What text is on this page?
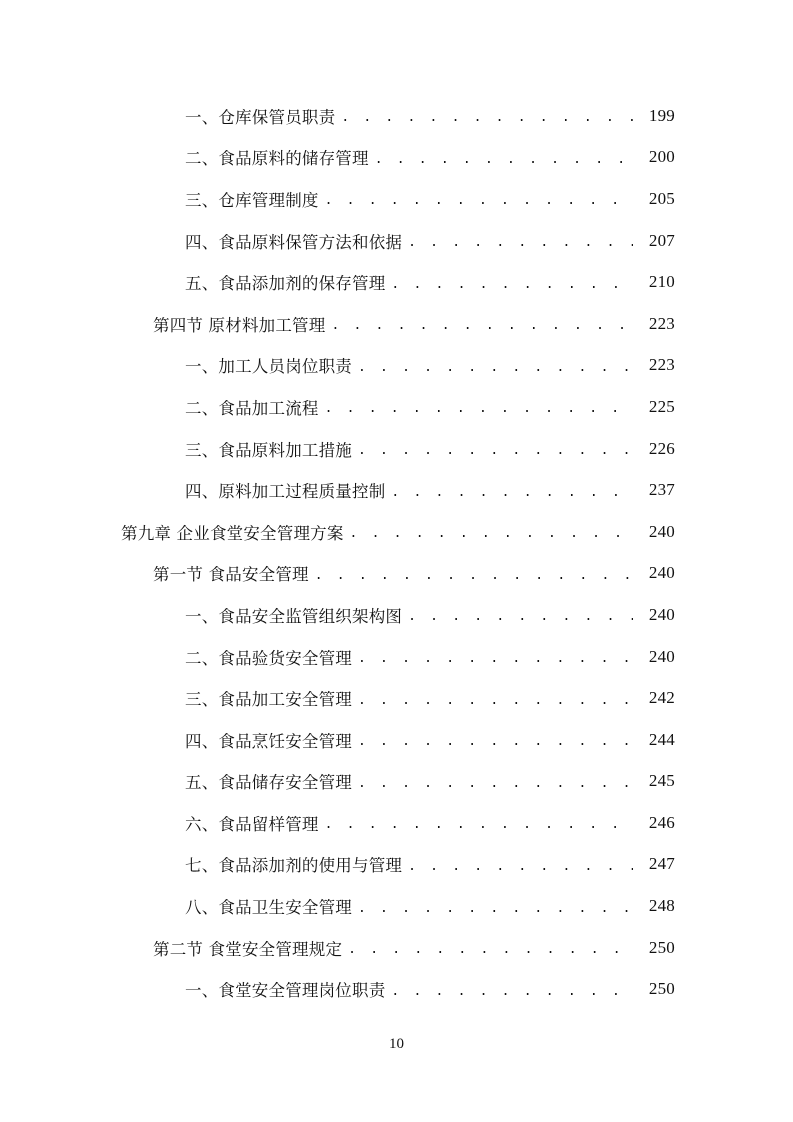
一、仓库保管员职责 . . .	199
二、食品原料的储存管理 . . .	200
三、仓库管理制度 . . .	205
四、食品原料保管方法和依据 . . .	207
五、食品添加剂的保存管理 . . .	210
第四节 原材料加工管理 . . .	223
一、加工人员岗位职责 . . .	223
二、食品加工流程 . . .	225
三、食品原料加工措施 . . .	226
四、原料加工过程质量控制 . . .	237
第九章 企业食堂安全管理方案 . . .	240
第一节 食品安全管理 . . .	240
一、食品安全监管组织架构图 . . .	240
二、食品验货安全管理 . . .	240
三、食品加工安全管理 . . .	242
四、食品烹饪安全管理 . . .	244
五、食品储存安全管理 . . .	245
六、食品留样管理 . . .	246
七、食品添加剂的使用与管理 . . .	247
八、食品卫生安全管理 . . .	248
第二节 食堂安全管理规定 . . .	250
一、食堂安全管理岗位职责 . . .	250
10
